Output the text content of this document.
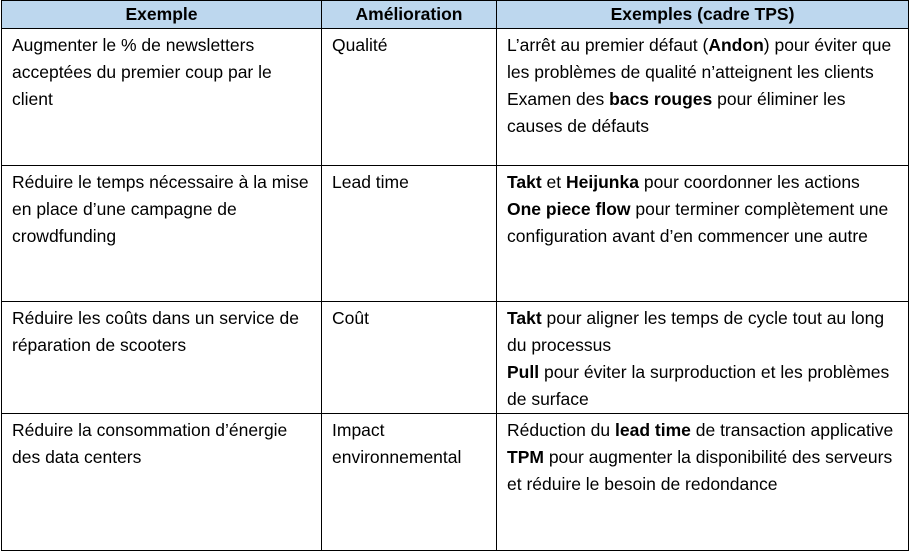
Exemple	Amélioration	Exemples (cadre TPS)
Augmenter le % de newsletters acceptées du premier coup par le client	Qualité	L’arrêt au premier défaut (Andon) pour éviter que les problèmes de qualité n’atteignent les clients
Examen des bacs rouges pour éliminer les causes de défauts

Réduire le temps nécessaire à la mise en place d’une campagne de crowdfunding	Lead time	Takt et Heijunka pour coordonner les actions
One piece flow pour terminer complètement une configuration avant d’en commencer une autre

Réduire les coûts dans un service de réparation de scooters	Coût	Takt pour aligner les temps de cycle tout au long du processus
Pull pour éviter la surproduction et les problèmes de surface

Réduire la consommation d’énergie des data centers	Impact environnemental	Réduction du lead time de transaction applicative
TPM pour augmenter la disponibilité des serveurs et réduire le besoin de redondance
